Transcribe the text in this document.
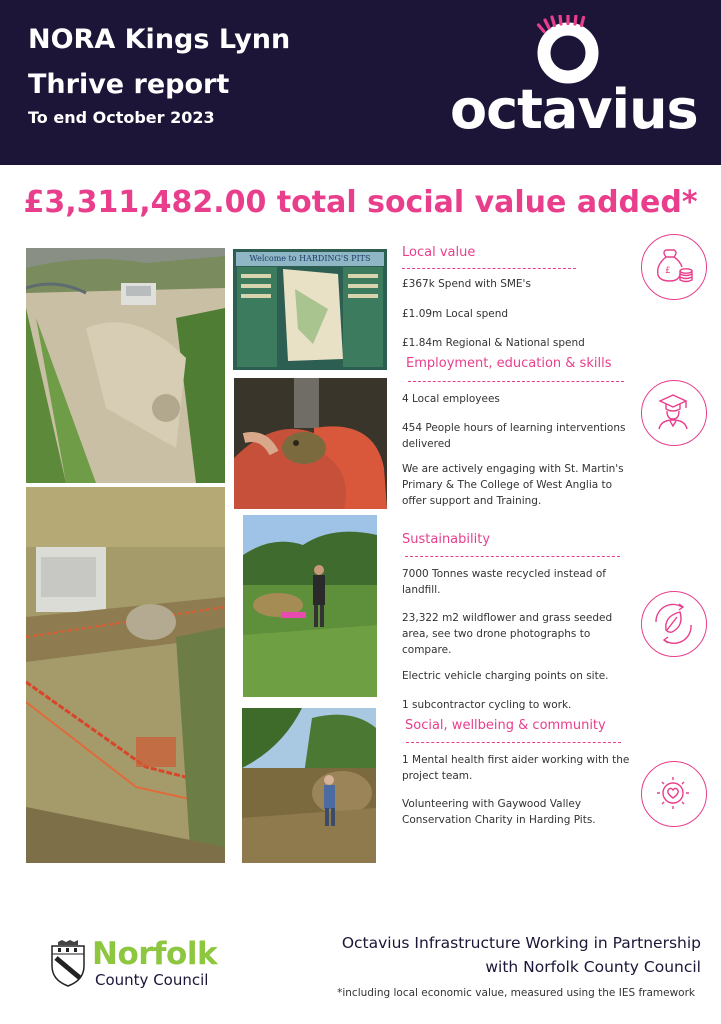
NORA Kings Lynn
Thrive report
To end October 2023	octavius
£3,311,482.00 total social value added*
Welcome to HARDING'S PITS	Local value
£367k Spend with SME's
£1.09m Local spend
£1.84m Regional & National spend
Employment, education & skills
4 Local employees
454 People hours of learning interventions delivered
We are actively engaging with St. Martin's Primary & The College of West Anglia to offer support and Training.
Sustainability
7000 Tonnes waste recycled instead of landfill.
23,322 m2 wildflower and grass seeded area, see two drone photographs to compare.
Electric vehicle charging points on site.
1 subcontractor cycling to work.
Social, wellbeing & community
1 Mental health first aider working with the project team.
Volunteering with Gaywood Valley Conservation Charity in Harding Pits.
£
Norfolk
County Council
Octavius Infrastructure Working in Partnership
with Norfolk County Council
*including local economic value, measured using the IES framework
